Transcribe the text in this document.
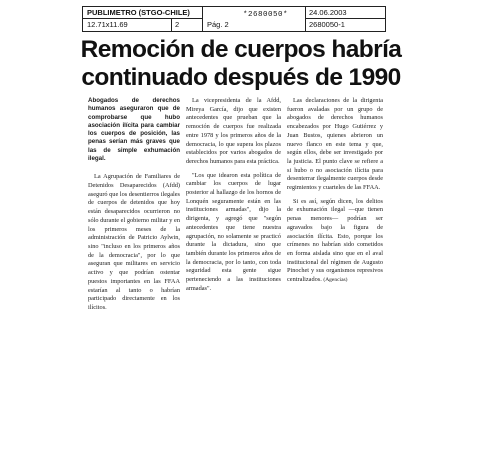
PUBLIMETRO (STGO-CHILE)
12.71x11.69	2	Pág. 2
*2680050*	24.06.2003
2680050-1
Remoción de cuerpos habría
continuado después de 1990

Abogados de derechos humanos aseguraron que de comprobarse que hubo asociación ilícita para cambiar los cuerpos de posición, las penas serían más graves que las de simple exhumación ilegal.

La Agrupación de Familiares de Detenidos Desaparecidos (Afdd) aseguró que los desentierros ilegales de cuerpos de detenidos que hoy están desaparecidos ocurrieron no sólo durante el gobierno militar y en los primeros meses de la administración de Patricio Aylwin, sino "incluso en los primeros años de la democracia", por lo que aseguran que militares en servicio activo y que podrían ostentar puestos importantes en las FFAA estarían al tanto o habrían participado directamente en los ilícitos.

La vicepresidenta de la Afdd, Mireya García, dijo que existen antecedentes que prueban que la remoción de cuerpos fue realizada entre 1978 y los primeros años de la democracia, lo que supera los plazos establecidos por varios abogados de derechos humanos para esta práctica.

"Los que idearon esta política de cambiar los cuerpos de lugar posterior al hallazgo de los hornos de Lonquén seguramente están en las instituciones armadas", dijo la dirigenta, y agregó que "según antecedentes que tiene nuestra agrupación, no solamente se practicó durante la dictadura, sino que también durante los primeros años de la democracia, por lo tanto, con toda seguridad esta gente sigue perteneciendo a las instituciones armadas".

Las declaraciones de la dirigenta fueron avaladas por un grupo de abogados de derechos humanos encabezados por Hugo Gutiérrez y Juan Bustos, quienes abrieron un nuevo flanco en este tema y que, según ellos, debe ser investigado por la justicia. El punto clave se refiere a si hubo o no asociación ilícita para desenterrar ilegalmente cuerpos desde regimientos y cuarteles de las FFAA.

Si es así, según dicen, los delitos de exhumación ilegal —que tienen penas menores— podrían ser agravados bajo la figura de asociación ilícita. Esto, porque los crímenes no habrían sido cometidos en forma aislada sino que en el aval institucional del régimen de Augusto Pinochet y sus organismos represivos centralizados. (Agencias)
